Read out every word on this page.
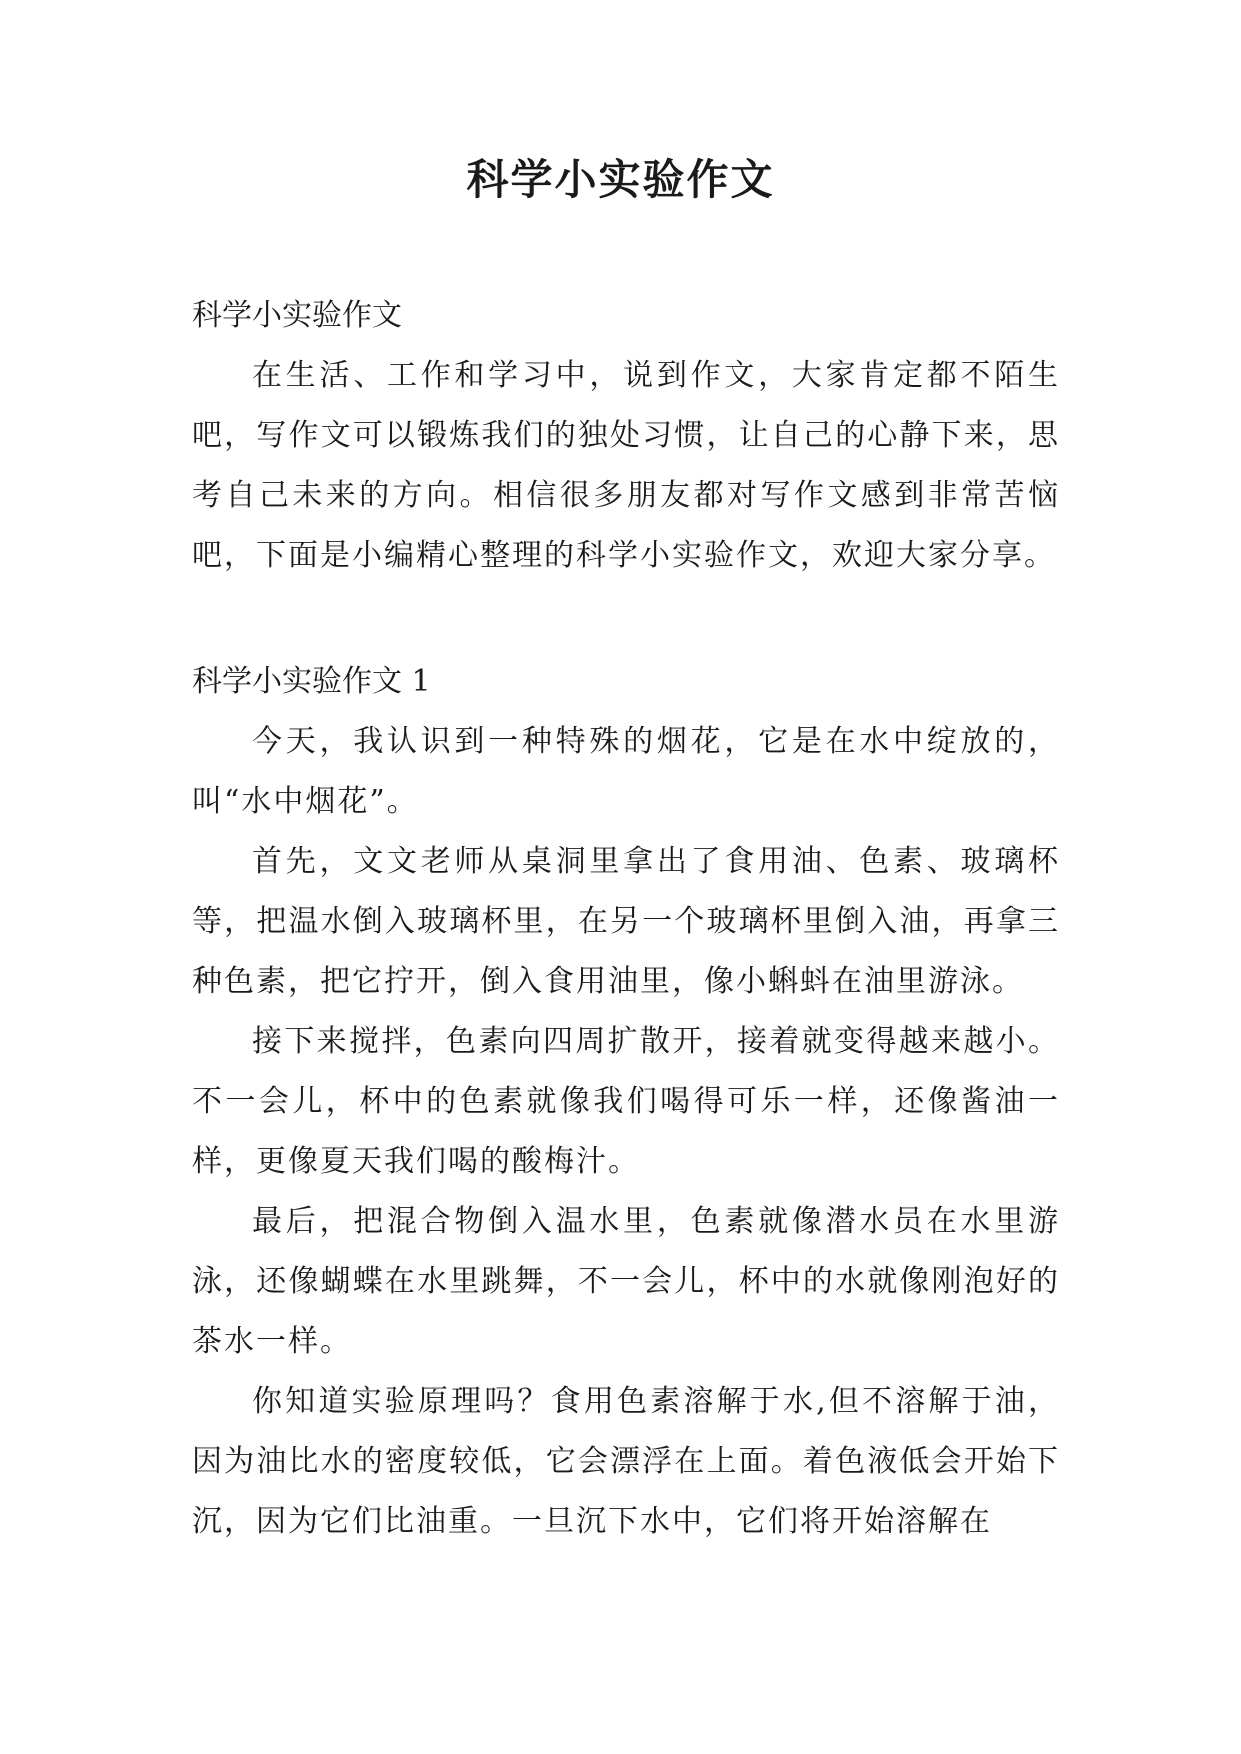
科学小实验作文

科学小实验作文

在生活、工作和学习中，说到作文，大家肯定都不陌生吧，写作文可以锻炼我们的独处习惯，让自己的心静下来，思考自己未来的方向。相信很多朋友都对写作文感到非常苦恼吧，下面是小编精心整理的科学小实验作文，欢迎大家分享。

科学小实验作文 1

今天，我认识到一种特殊的烟花，它是在水中绽放的，叫“水中烟花”。

首先，文文老师从桌洞里拿出了食用油、色素、玻璃杯等，把温水倒入玻璃杯里，在另一个玻璃杯里倒入油，再拿三种色素，把它拧开，倒入食用油里，像小蝌蚪在油里游泳。

接下来搅拌，色素向四周扩散开，接着就变得越来越小。不一会儿，杯中的色素就像我们喝得可乐一样，还像酱油一样，更像夏天我们喝的酸梅汁。

最后，把混合物倒入温水里，色素就像潜水员在水里游泳，还像蝴蝶在水里跳舞，不一会儿，杯中的水就像刚泡好的茶水一样。

你知道实验原理吗？食用色素溶解于水,但不溶解于油，因为油比水的密度较低，它会漂浮在上面。着色液低会开始下沉，因为它们比油重。一旦沉下水中，它们将开始溶解在
